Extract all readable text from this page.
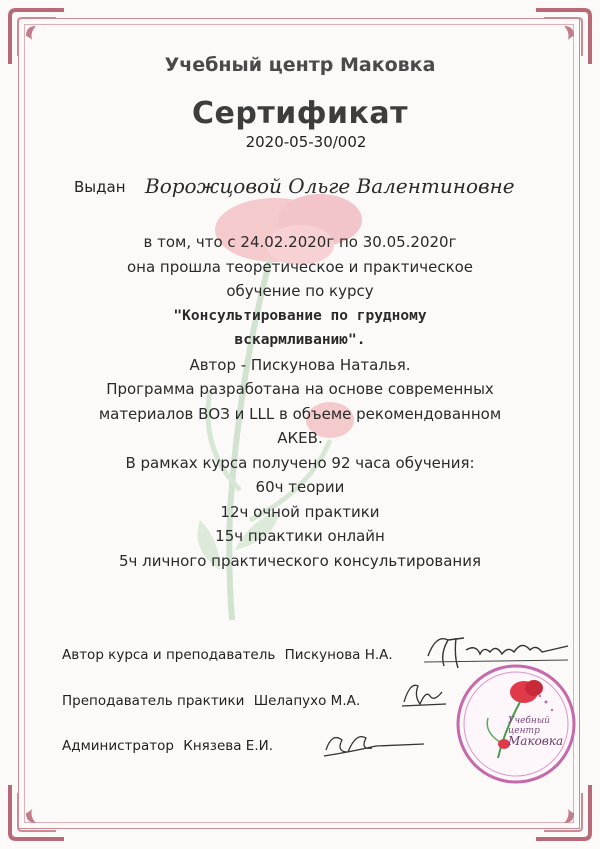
Учебный центр Маковка
Сертификат
2020-05-30/002
Выдан Ворожцовой Ольге Валентиновне
в том, что с 24.02.2020г по 30.05.2020г
она прошла теоретическое и практическое
обучение по курсу
"Консультирование по грудному
вскармливанию".
Автор - Пискунова Наталья.
Программа разработана на основе современных
материалов ВОЗ и LLL в объеме рекомендованном
АКЕВ.
В рамках курса получено 92 часа обучения:
60ч теории
12ч очной практики
15ч практики онлайн
5ч личного практического консультирования
Автор курса и преподаватель Пискунова Н.А.
Преподаватель практики Шелапухо М.А.
Администратор Князева Е.И.
Учебный центр
Маковка
